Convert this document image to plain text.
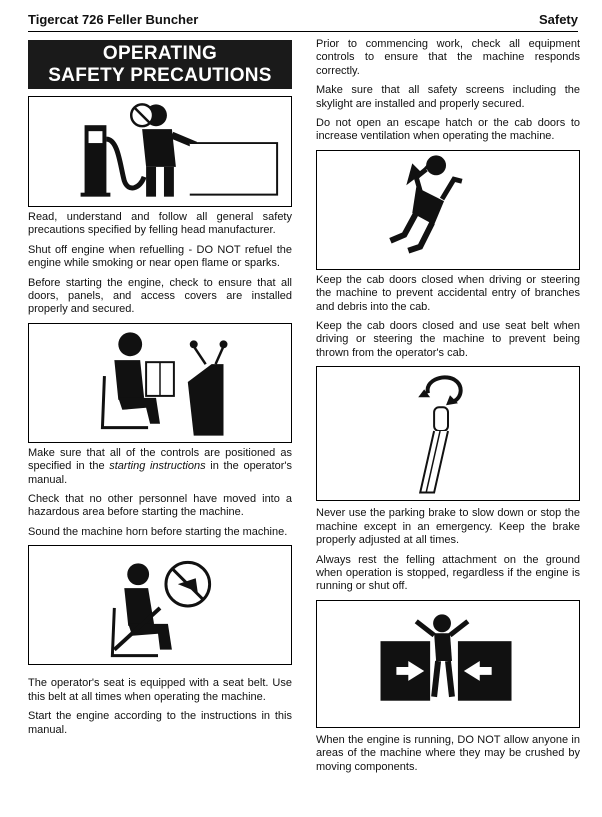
Tigercat 726 Feller Buncher	Safety
OPERATING
SAFETY PRECAUTIONS

Read, understand and follow all general safety precautions specified by felling head manufacturer.

Shut off engine when refuelling - DO NOT refuel the engine while smoking or near open flame or sparks.

Before starting the engine, check to ensure that all doors, panels, and access covers are installed properly and secured.

Make sure that all of the controls are positioned as specified in the starting instructions in the operator's manual.

Check that no other personnel have moved into a hazardous area before starting the machine.

Sound the machine horn before starting the machine.

The operator's seat is equipped with a seat belt. Use this belt at all times when operating the machine.

Start the engine according to the instructions in this manual.

Prior to commencing work, check all equipment controls to ensure that the machine responds correctly.

Make sure that all safety screens including the skylight are installed and properly secured.

Do not open an escape hatch or the cab doors to increase ventilation when operating the machine.

Keep the cab doors closed when driving or steering the machine to prevent accidental entry of branches and debris into the cab.

Keep the cab doors closed and use seat belt when driving or steering the machine to prevent being thrown from the operator's cab.

Never use the parking brake to slow down or stop the machine except in an emergency. Keep the brake properly adjusted at all times.

Always rest the felling attachment on the ground when operation is stopped, regardless if the engine is running or shut off.

When the engine is running, DO NOT allow anyone in areas of the machine where they may be crushed by moving components.
